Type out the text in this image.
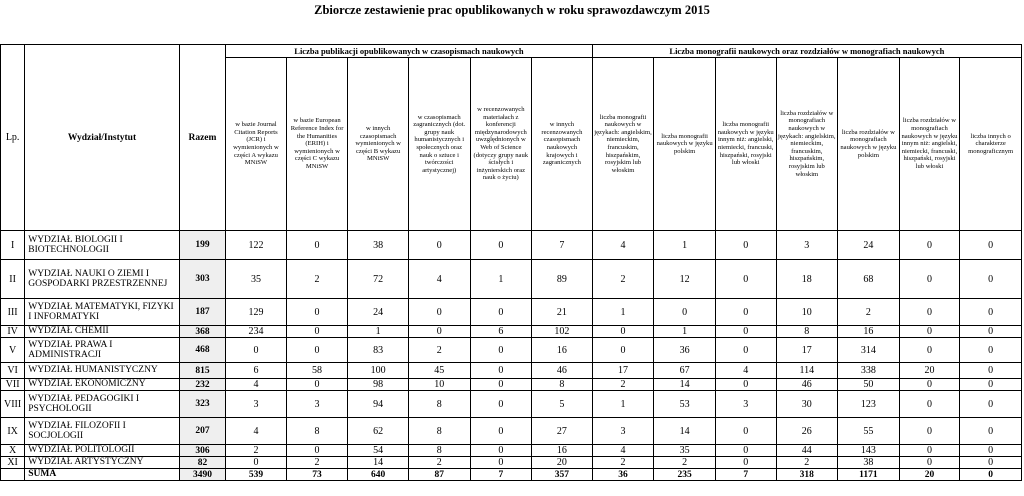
Zbiorcze zestawienie prac opublikowanych w roku sprawozdawczym 2015
Lp.	Wydział/Instytut	Razem	Liczba publikacji opublikowanych w czasopismach naukowych						Liczba monografii naukowych oraz rozdziałów w monografiach naukowych						
			w bazie Journal Citation Reports (JCR) i wymienionych w części A wykazu MNiSW	w bazie European Reference Index for the Humanities (ERIH) i wymienionych w części C wykazu MNiSW	w innych czasopismach wymienionych w części B wykazu MNiSW	w czasopismach zagranicznych (dot. grupy nauk humanistycznych i społecznych oraz nauk o sztuce i twórczości artystycznej)	w recenzowanych materiałach z konferencji międzynarodowych uwzględnionych w Web of Science (dotyczy grupy nauk ścisłych i inżynierskich oraz nauk o życiu)	w innych recenzowanych czasopismach naukowych krajowych i zagranicznych	liczba monografii naukowych w językach: angielskim, niemieckim, francuskim, hiszpańskim, rosyjskim lub włoskim	liczba monografii naukowych w języku polskim	liczba monografii naukowych w języku innym niż: angielski, niemiecki, francuski, hiszpański, rosyjski lub włoski	liczba rozdziałów w monografiach naukowych w językach: angielskim, niemieckim, francuskim, hiszpańskim, rosyjskim lub włoskim	liczba rozdziałów w monografiach naukowych w języku polskim	liczba rozdziałów w monografiach naukowych w języku innym niż: angielski, niemiecki, francuski, hiszpański, rosyjski lub włoski	liczba innych o charakterze monograficznym
I	WYDZIAŁ BIOLOGII I BIOTECHNOLOGII	199	122	0	38	0	0	7	4	1	0	3	24	0	0
II	WYDZIAŁ NAUKI O ZIEMI I GOSPODARKI PRZESTRZENNEJ	303	35	2	72	4	1	89	2	12	0	18	68	0	0
III	WYDZIAŁ MATEMATYKI, FIZYKI I INFORMATYKI	187	129	0	24	0	0	21	1	0	0	10	2	0	0
IV	WYDZIAŁ CHEMII	368	234	0	1	0	6	102	0	1	0	8	16	0	0
V	WYDZIAŁ PRAWA I ADMINISTRACJI	468	0	0	83	2	0	16	0	36	0	17	314	0	0
VI	WYDZIAŁ HUMANISTYCZNY	815	6	58	100	45	0	46	17	67	4	114	338	20	0
VII	WYDZIAŁ EKONOMICZNY	232	4	0	98	10	0	8	2	14	0	46	50	0	0
VIII	WYDZIAŁ PEDAGOGIKI I PSYCHOLOGII	323	3	3	94	8	0	5	1	53	3	30	123	0	0
IX	WYDZIAŁ FILOZOFII I SOCJOLOGII	207	4	8	62	8	0	27	3	14	0	26	55	0	0
X	WYDZIAŁ POLITOLOGII	306	2	0	54	8	0	16	4	35	0	44	143	0	0
XI	WYDZIAŁ ARTYSTYCZNY	82	0	2	14	2	0	20	2	2	0	2	38	0	0
	SUMA	3490	539	73	640	87	7	357	36	235	7	318	1171	20	0
